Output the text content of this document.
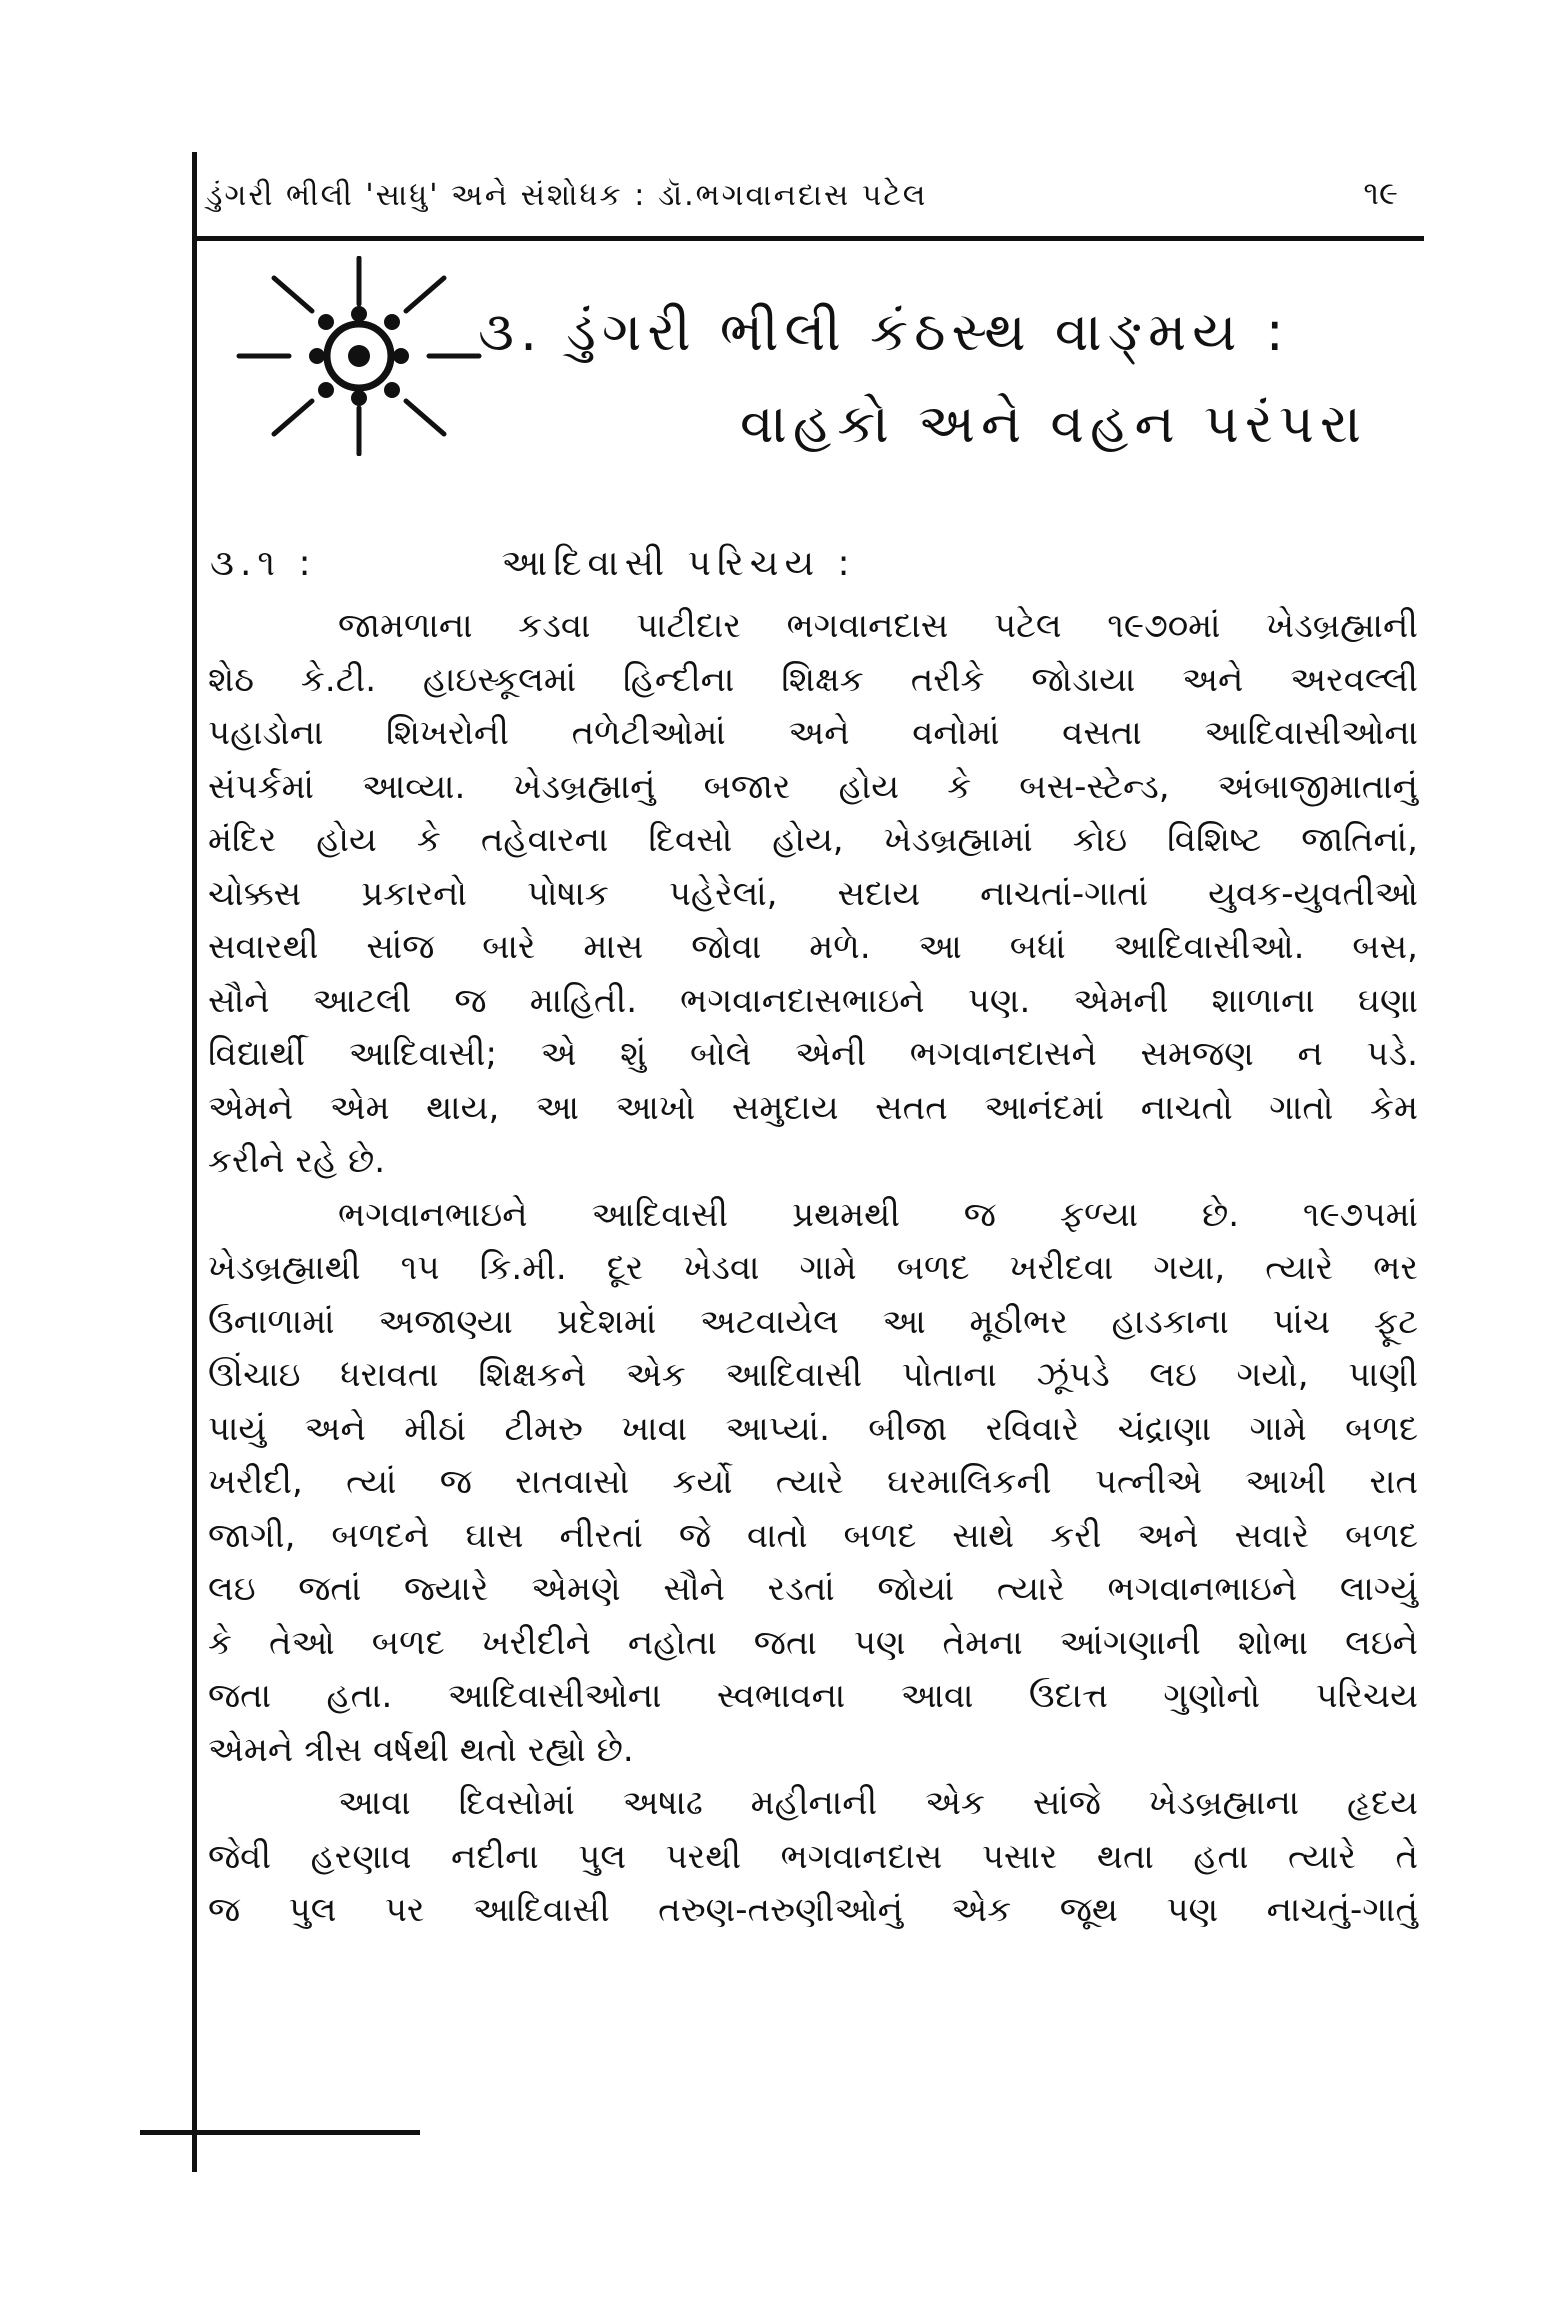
ડુંગરી ભીલી 'સાધુ' અને સંશોધક : ડૉ.ભગવાનદાસ પટેલ	૧૯
૩. ડુંગરી ભીલી કંઠસ્થ વાઙ્મય :
વાહકો અને વહન પરંપરા
૩.૧ :	આદિવાસી પરિચય :
જામળાના કડવા પાટીદાર ભગવાનદાસ પટેલ ૧૯૭૦માં ખેડબ્રહ્માની
શેઠ કે.ટી. હાઇસ્કૂલમાં હિન્દીના શિક્ષક તરીકે જોડાયા અને અરવલ્લી
પહાડોના શિખરોની તળેટીઓમાં અને વનોમાં વસતા આદિવાસીઓના
સંપર્કમાં આવ્યા. ખેડબ્રહ્માનું બજાર હોય કે બસ-સ્ટેન્ડ, અંબાજીમાતાનું
મંદિર હોય કે તહેવારના દિવસો હોય, ખેડબ્રહ્મામાં કોઇ વિશિષ્ટ જાતિનાં,
ચોક્કસ પ્રકારનો પોષાક પહેરેલાં, સદાય નાચતાં-ગાતાં યુવક-યુવતીઓ
સવારથી સાંજ બારે માસ જોવા મળે. આ બધાં આદિવાસીઓ. બસ,
સૌને આટલી જ માહિતી. ભગવાનદાસભાઇને પણ. એમની શાળાના ઘણા
વિદ્યાર્થી આદિવાસી; એ શું બોલે એની ભગવાનદાસને સમજણ ન પડે.
એમને એમ થાય, આ આખો સમુદાય સતત આનંદમાં નાચતો ગાતો કેમ
કરીને રહે છે.
ભગવાનભાઇને આદિવાસી પ્રથમથી જ ફળ્યા છે. ૧૯૭૫માં
ખેડબ્રહ્માથી ૧૫ કિ.મી. દૂર ખેડવા ગામે બળદ ખરીદવા ગયા, ત્યારે ભર
ઉનાળામાં અજાણ્યા પ્રદેશમાં અટવાયેલ આ મૂઠીભર હાડકાના પાંચ ફૂટ
ઊંચાઇ ધરાવતા શિક્ષકને એક આદિવાસી પોતાના ઝૂંપડે લઇ ગયો, પાણી
પાયું અને મીઠાં ટીમરુ ખાવા આપ્યાં. બીજા રવિવારે ચંદ્રાણા ગામે બળદ
ખરીદી, ત્યાં જ રાતવાસો કર્યો ત્યારે ઘરમાલિકની પત્નીએ આખી રાત
જાગી, બળદને ઘાસ નીરતાં જે વાતો બળદ સાથે કરી અને સવારે બળદ
લઇ જતાં જ્યારે એમણે સૌને રડતાં જોયાં ત્યારે ભગવાનભાઇને લાગ્યું
કે તેઓ બળદ ખરીદીને નહોતા જતા પણ તેમના આંગણાની શોભા લઇને
જતા હતા. આદિવાસીઓના સ્વભાવના આવા ઉદાત્ત ગુણોનો પરિચય
એમને ત્રીસ વર્ષથી થતો રહ્યો છે.
આવા દિવસોમાં અષાઢ મહીનાની એક સાંજે ખેડબ્રહ્માના હૃદય
જેવી હરણાવ નદીના પુલ પરથી ભગવાનદાસ પસાર થતા હતા ત્યારે તે
જ પુલ પર આદિવાસી તરુણ-તરુણીઓનું એક જૂથ પણ નાચતું-ગાતું
